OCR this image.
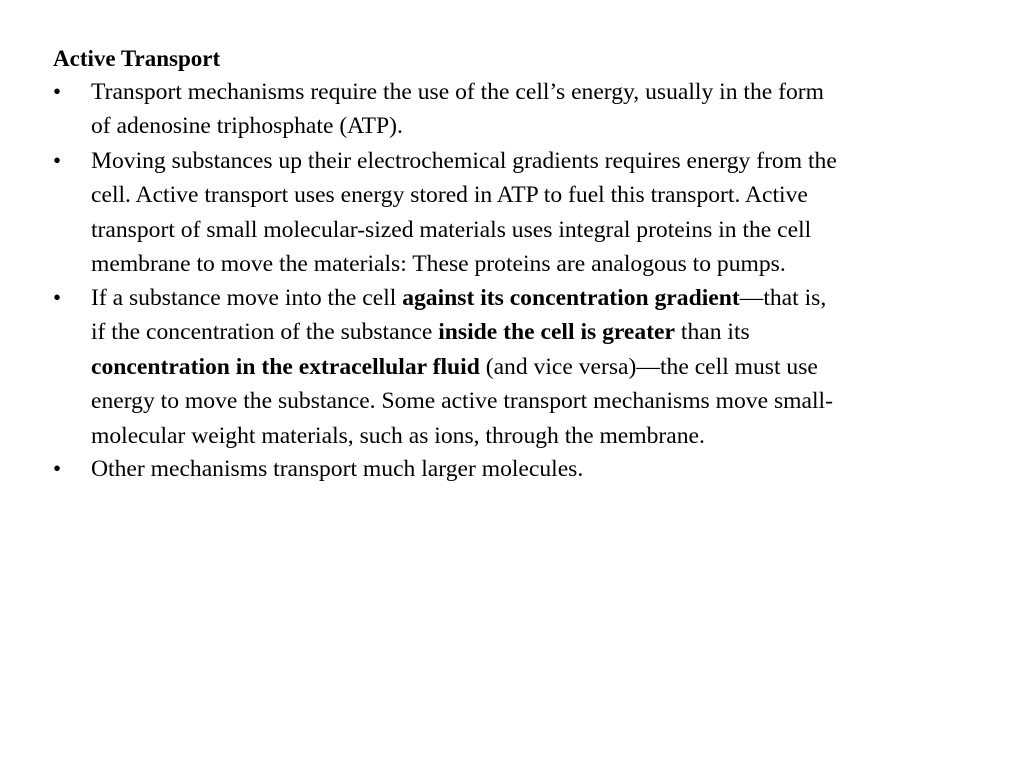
Active Transport
• Transport mechanisms require the use of the cell’s energy, usually in the form
of adenosine triphosphate (ATP).
• Moving substances up their electrochemical gradients requires energy from the
cell. Active transport uses energy stored in ATP to fuel this transport. Active
transport of small molecular-sized materials uses integral proteins in the cell
membrane to move the materials: These proteins are analogous to pumps.
• If a substance move into the cell against its concentration gradient—that is,
if the concentration of the substance inside the cell is greater than its
concentration in the extracellular fluid (and vice versa)—the cell must use
energy to move the substance. Some active transport mechanisms move small-
molecular weight materials, such as ions, through the membrane.
• Other mechanisms transport much larger molecules.
